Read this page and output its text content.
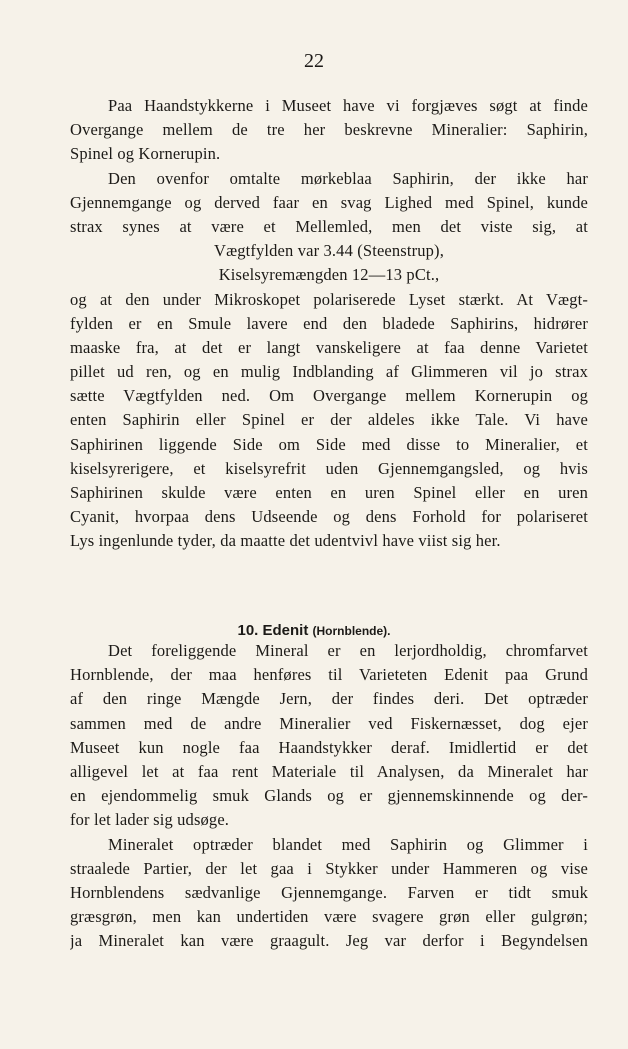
22
Paa Haandstykkerne i Museet have vi forgjæves søgt at finde
Overgange mellem de tre her beskrevne Mineralier: Saphirin,
Spinel og Kornerupin.
Den ovenfor omtalte mørkeblaa Saphirin, der ikke har
Gjennemgange og derved faar en svag Lighed med Spinel, kunde
strax synes at være et Mellemled, men det viste sig, at
Vægtfylden var 3.44 (Steenstrup),
Kiselsyremængden 12—13 pCt.,
og at den under Mikroskopet polariserede Lyset stærkt. At Vægt-
fylden er en Smule lavere end den bladede Saphirins, hidrører
maaske fra, at det er langt vanskeligere at faa denne Varietet
pillet ud ren, og en mulig Indblanding af Glimmeren vil jo strax
sætte Vægtfylden ned. Om Overgange mellem Kornerupin og
enten Saphirin eller Spinel er der aldeles ikke Tale. Vi have
Saphirinen liggende Side om Side med disse to Mineralier, et
kiselsyrerigere, et kiselsyrefrit uden Gjennemgangsled, og hvis
Saphirinen skulde være enten en uren Spinel eller en uren
Cyanit, hvorpaa dens Udseende og dens Forhold for polariseret
Lys ingenlunde tyder, da maatte det udentvivl have viist sig her.
10. Edenit (Hornblende).
Det foreliggende Mineral er en lerjordholdig, chromfarvet
Hornblende, der maa henføres til Varieteten Edenit paa Grund
af den ringe Mængde Jern, der findes deri. Det optræder
sammen med de andre Mineralier ved Fiskernæsset, dog ejer
Museet kun nogle faa Haandstykker deraf. Imidlertid er det
alligevel let at faa rent Materiale til Analysen, da Mineralet har
en ejendommelig smuk Glands og er gjennemskinnende og der-
for let lader sig udsøge.
Mineralet optræder blandet med Saphirin og Glimmer i
straalede Partier, der let gaa i Stykker under Hammeren og vise
Hornblendens sædvanlige Gjennemgange. Farven er tidt smuk
græsgrøn, men kan undertiden være svagere grøn eller gulgrøn;
ja Mineralet kan være graagult. Jeg var derfor i Begyndelsen
